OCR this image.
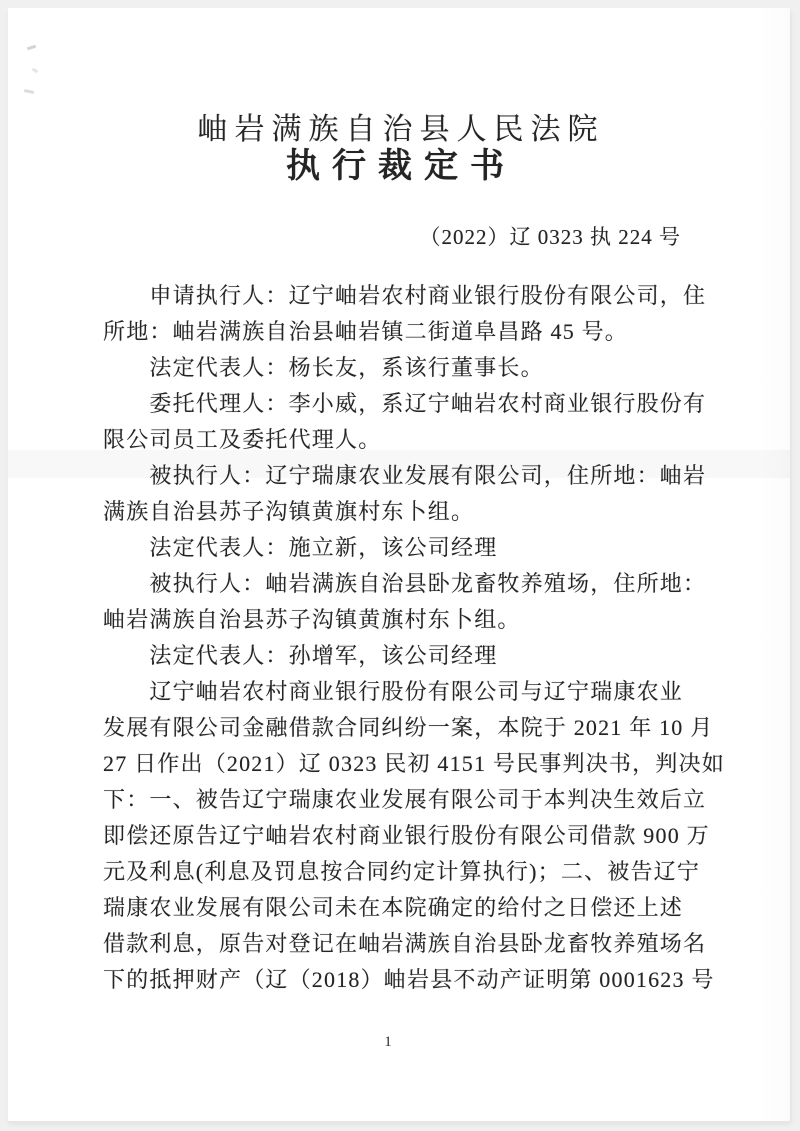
岫岩满族自治县人民法院
执行裁定书
（2022）辽 0323 执 224 号
　　申请执行人：辽宁岫岩农村商业银行股份有限公司，住
所地：岫岩满族自治县岫岩镇二街道阜昌路 45 号。
　　法定代表人：杨长友，系该行董事长。
　　委托代理人：李小威，系辽宁岫岩农村商业银行股份有
限公司员工及委托代理人。
　　被执行人：辽宁瑞康农业发展有限公司，住所地：岫岩
满族自治县苏子沟镇黄旗村东卜组。
　　法定代表人：施立新，该公司经理
　　被执行人：岫岩满族自治县卧龙畜牧养殖场，住所地：
岫岩满族自治县苏子沟镇黄旗村东卜组。
　　法定代表人：孙增军，该公司经理
　　辽宁岫岩农村商业银行股份有限公司与辽宁瑞康农业
发展有限公司金融借款合同纠纷一案，本院于 2021 年 10 月
27 日作出（2021）辽 0323 民初 4151 号民事判决书，判决如
下：一、被告辽宁瑞康农业发展有限公司于本判决生效后立
即偿还原告辽宁岫岩农村商业银行股份有限公司借款 900 万
元及利息(利息及罚息按合同约定计算执行)；二、被告辽宁
瑞康农业发展有限公司未在本院确定的给付之日偿还上述
借款利息，原告对登记在岫岩满族自治县卧龙畜牧养殖场名
下的抵押财产（辽（2018）岫岩县不动产证明第 0001623 号
1
